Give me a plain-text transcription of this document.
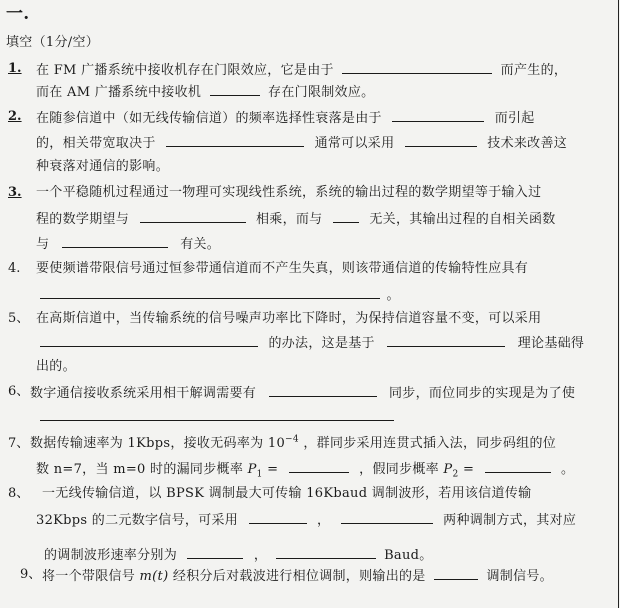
一.
填空（1分/空）
1. 在 FM 广播系统中接收机存在门限效应，它是由于	而产生的，
而在 AM 广播系统中接收机	存在门限制效应。
2. 在随参信道中（如无线传输信道）的频率选择性衰落是由于	而引起
的，相关带宽取决于	通常可以采用	技术来改善这
种衰落对通信的影响。
3. 一个平稳随机过程通过一物理可实现线性系统，系统的输出过程的数学期望等于输入过
程的数学期望与	相乘，而与	无关，其输出过程的自相关函数
与	有关。
4. 要使频谱带限信号通过恒参带通信道而不产生失真，则该带通信道的传输特性应具有
。
5、 在高斯信道中，当传输系统的信号噪声功率比下降时，为保持信道容量不变，可以采用
的办法，这是基于	理论基础得
出的。
6、 数字通信接收系统采用相干解调需要有	同步，而位同步的实现是为了使
7、 数据传输速率为 1Kbps，接收无码率为 $10^{-4}$ ，群同步采用连贯式插入法，同步码组的位
数 n=7，当 m=0 时的漏同步概率 $P_1$ =	，假同步概率 $P_2$ =	。
8、 一无线传输信道，以 BPSK 调制最大可传输 16Kbaud 调制波形，若用该信道传输
32Kbps 的二元数字信号，可采用	，	两种调制方式，其对应
的调制波形速率分别为	，	Baud。
9、 将一个带限信号 m(t) 经积分后对载波进行相位调制，则输出的是	调制信号。
